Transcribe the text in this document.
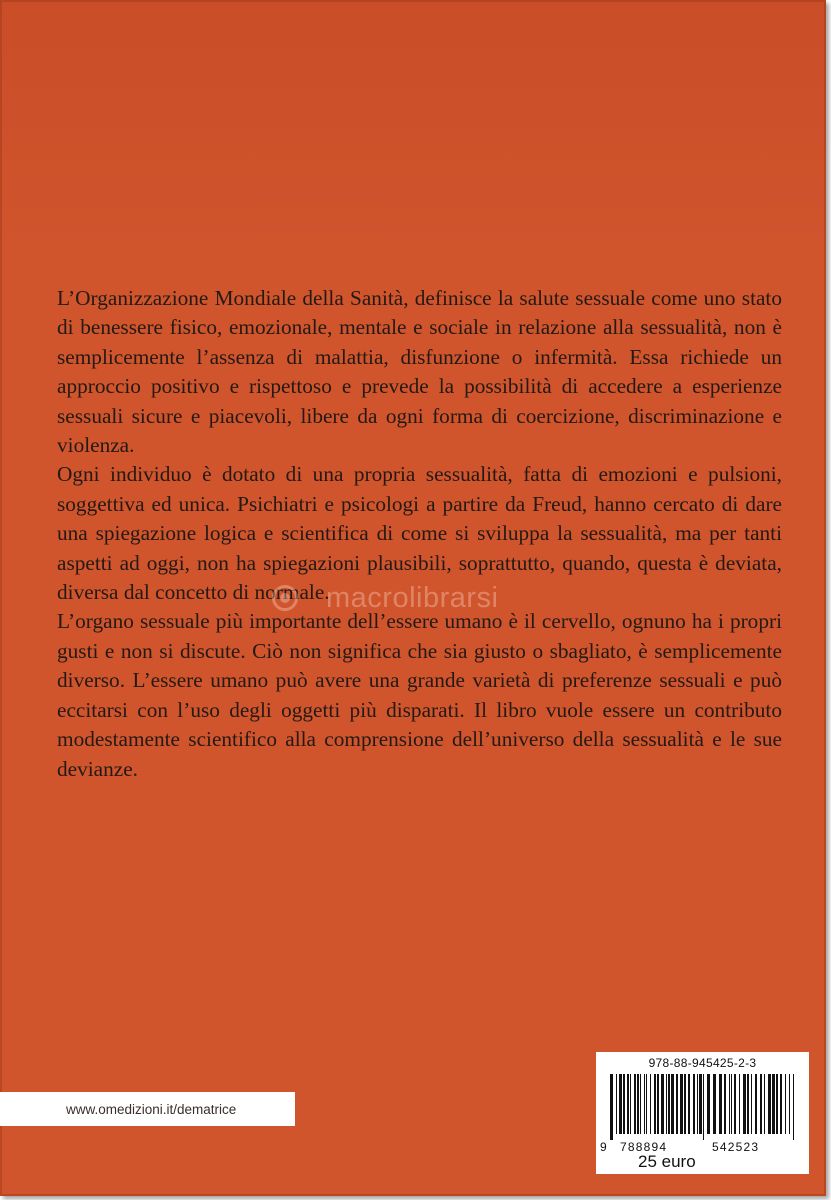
L’Organizzazione Mondiale della Sanità, definisce la salute sessuale come uno stato di benessere fisico, emozionale, mentale e sociale in relazione alla sessualità, non è semplicemente l’assenza di malattia, disfunzione o infermità. Essa richiede un approccio positivo e rispettoso e prevede la possibilità di accedere a esperienze sessuali sicure e piacevoli, libere da ogni forma di coercizione, discriminazione e violenza.

Ogni individuo è dotato di una propria sessualità, fatta di emozioni e pulsioni, soggettiva ed unica. Psichiatri e psicologi a partire da Freud, hanno cercato di dare una spiegazione logica e scientifica di come si sviluppa la sessualità, ma per tanti aspetti ad oggi, non ha spiegazioni plausibili, soprattutto, quando, questa è deviata, diversa dal concetto di normale.

L’organo sessuale più importante dell’essere umano è il cervello, ognuno ha i propri gusti e non si discute. Ciò non significa che sia giusto o sbagliato, è semplicemente diverso. L’essere umano può avere una grande varietà di preferenze sessuali e può eccitarsi con l’uso degli oggetti più disparati. Il libro vuole essere un contributo modestamente scientifico alla comprensione dell’universo della sessualità e le sue devianze.

macrolibrarsi
www.omedizioni.it/dematrice
978-88-945425-2-3
9	788894	542523
25 euro
